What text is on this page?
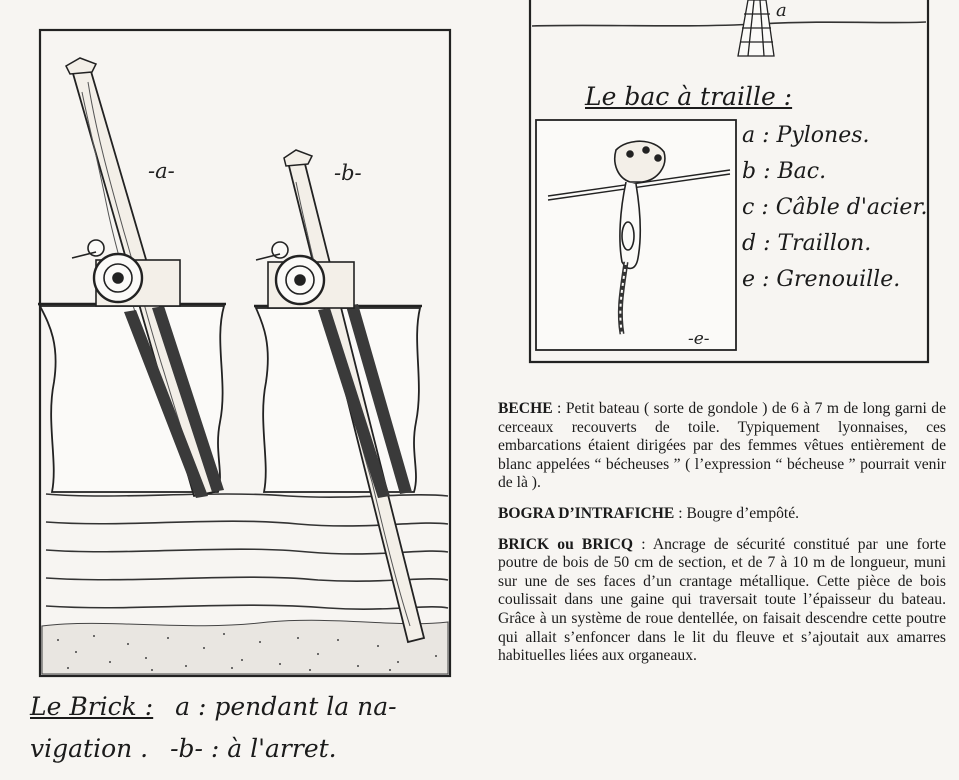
-a-	-b-
Le Brick : a : pendant la na-
vigation . -b- : à l'arret.
a
-e-
Le bac à traille :
a : Pylones.
b : Bac.
c : Câble d'acier.
d : Traillon.
e : Grenouille.

BECHE : Petit bateau ( sorte de gondole ) de 6 à 7 m de long garni de cerceaux recouverts de toile. Typiquement lyonnaises, ces embarcations étaient dirigées par des femmes vêtues entièrement de blanc appelées “ bécheuses ” ( l’expression “ bécheuse ” pourrait venir de là ).

BOGRA D’INTRAFICHE : Bougre d’empôté.

BRICK ou BRICQ : Ancrage de sécurité constitué par une forte poutre de bois de 50 cm de section, et de 7 à 10 m de longueur, muni sur une de ses faces d’un crantage métallique. Cette pièce de bois coulissait dans une gaine qui traversait toute l’épaisseur du bateau. Grâce à un système de roue dentellée, on faisait descendre cette poutre qui allait s’enfoncer dans le lit du fleuve et s’ajoutait aux amarres habituelles liées aux organeaux.
